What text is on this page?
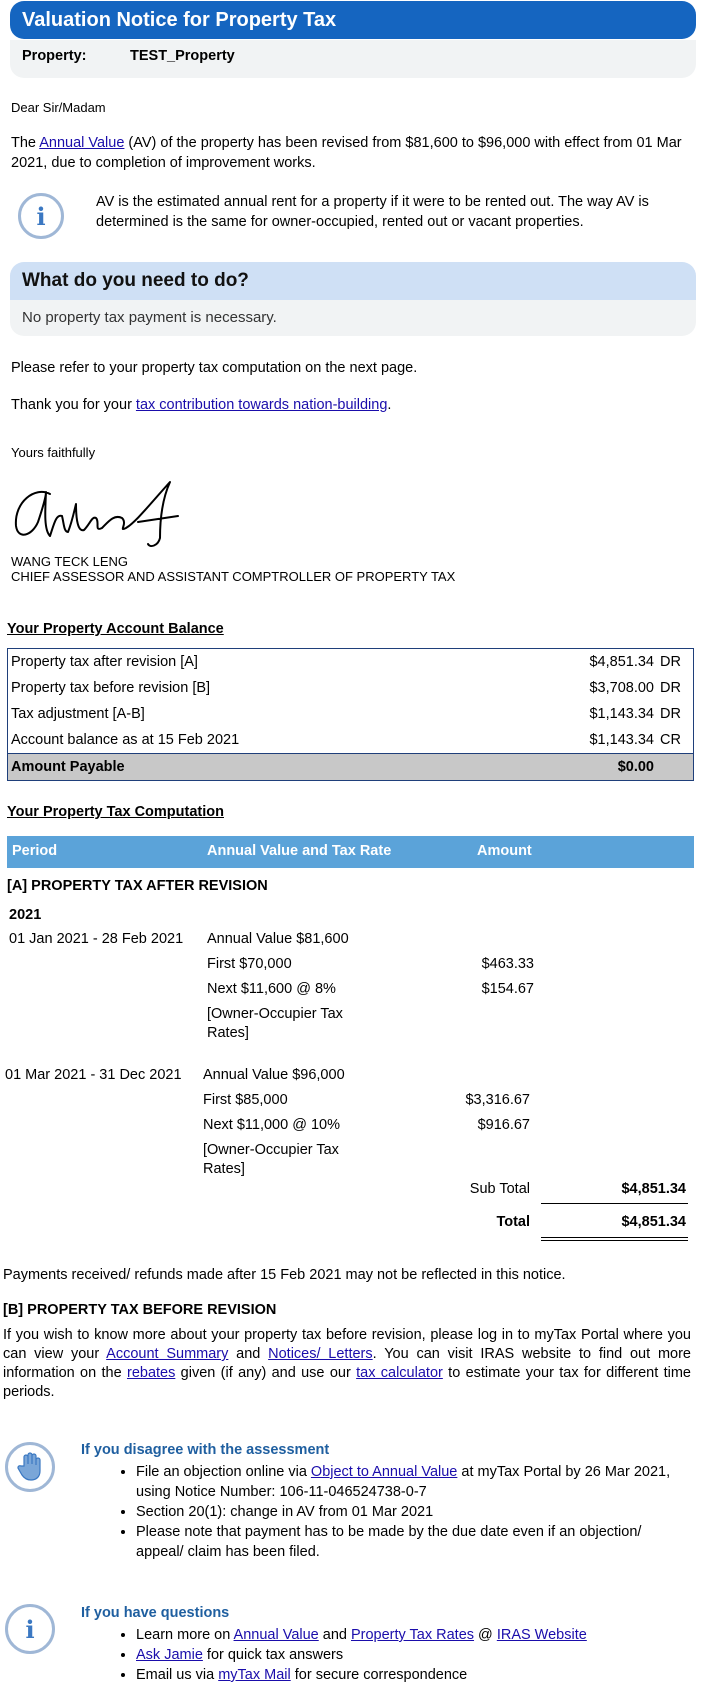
Valuation Notice for Property Tax
Property:	TEST_Property
Dear Sir/Madam
The Annual Value (AV) of the property has been revised from $81,600 to $96,000 with effect from 01 Mar 2021, due to completion of improvement works.
i	AV is the estimated annual rent for a property if it were to be rented out. The way AV is determined is the same for owner-occupied, rented out or vacant properties.
What do you need to do?
No property tax payment is necessary.
Please refer to your property tax computation on the next page.
Thank you for your tax contribution towards nation-building.
Yours faithfully
WANG TECK LENG
CHIEF ASSESSOR AND ASSISTANT COMPTROLLER OF PROPERTY TAX
Your Property Account Balance
Property tax after revision [A]	$4,851.34	DR
Property tax before revision [B]	$3,708.00	DR
Tax adjustment [A-B]	$1,143.34	DR
Account balance as at 15 Feb 2021	$1,143.34	CR
Amount Payable	$0.00	
Your Property Tax Computation
Period	Annual Value and Tax Rate	Amount
[A] PROPERTY TAX AFTER REVISION
2021
01 Jan 2021 - 28 Feb 2021 Annual Value $81,600
First $70,000	$463.33
Next $11,600 @ 8%	$154.67
[Owner-Occupier Tax
Rates]
01 Mar 2021 - 31 Dec 2021 Annual Value $96,000
First $85,000	$3,316.67
Next $11,000 @ 10%	$916.67
[Owner-Occupier Tax
Rates]
Sub Total	$4,851.34
Total	$4,851.34
Payments received/ refunds made after 15 Feb 2021 may not be reflected in this notice.
[B] PROPERTY TAX BEFORE REVISION
If you wish to know more about your property tax before revision, please log in to myTax Portal where you can view your Account Summary and Notices/ Letters. You can visit IRAS website to find out more information on the rebates given (if any) and use our tax calculator to estimate your tax for different time periods.
If you disagree with the assessment
• File an objection online via Object to Annual Value at myTax Portal by 26 Mar 2021, using Notice Number: 106-11-046524738-0-7
• Section 20(1): change in AV from 01 Mar 2021
• Please note that payment has to be made by the due date even if an objection/ appeal/ claim has been filed.
i
If you have questions
• Learn more on Annual Value and Property Tax Rates @ IRAS Website
• Ask Jamie for quick tax answers
• Email us via myTax Mail for secure correspondence
